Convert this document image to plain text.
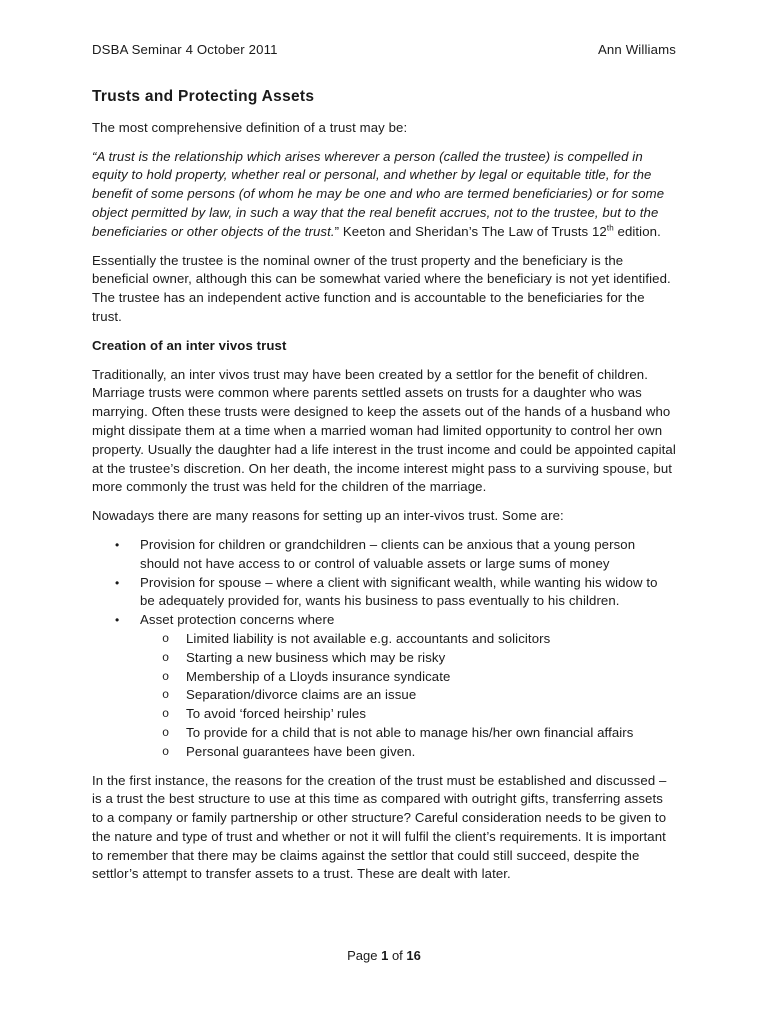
DSBA Seminar 4 October 2011	Ann Williams
Trusts and Protecting Assets

The most comprehensive definition of a trust may be:

“A trust is the relationship which arises wherever a person (called the trustee) is compelled in equity to hold property, whether real or personal, and whether by legal or equitable title, for the benefit of some persons (of whom he may be one and who are termed beneficiaries) or for some object permitted by law, in such a way that the real benefit accrues, not to the trustee, but to the beneficiaries or other objects of the trust.” Keeton and Sheridan’s The Law of Trusts 12th edition.

Essentially the trustee is the nominal owner of the trust property and the beneficiary is the beneficial owner, although this can be somewhat varied where the beneficiary is not yet identified. The trustee has an independent active function and is accountable to the beneficiaries for the trust.

Creation of an inter vivos trust

Traditionally, an inter vivos trust may have been created by a settlor for the benefit of children. Marriage trusts were common where parents settled assets on trusts for a daughter who was marrying. Often these trusts were designed to keep the assets out of the hands of a husband who might dissipate them at a time when a married woman had limited opportunity to control her own property. Usually the daughter had a life interest in the trust income and could be appointed capital at the trustee’s discretion. On her death, the income interest might pass to a surviving spouse, but more commonly the trust was held for the children of the marriage.

Nowadays there are many reasons for setting up an inter-vivos trust. Some are:

• Provision for children or grandchildren – clients can be anxious that a young person should not have access to or control of valuable assets or large sums of money
• Provision for spouse – where a client with significant wealth, while wanting his widow to be adequately provided for, wants his business to pass eventually to his children.
• Asset protection concerns where
o Limited liability is not available e.g. accountants and solicitors
o Starting a new business which may be risky
o Membership of a Lloyds insurance syndicate
o Separation/divorce claims are an issue
o To avoid ‘forced heirship’ rules
o To provide for a child that is not able to manage his/her own financial affairs
o Personal guarantees have been given.

In the first instance, the reasons for the creation of the trust must be established and discussed – is a trust the best structure to use at this time as compared with outright gifts, transferring assets to a company or family partnership or other structure? Careful consideration needs to be given to the nature and type of trust and whether or not it will fulfil the client’s requirements. It is important to remember that there may be claims against the settlor that could still succeed, despite the settlor’s attempt to transfer assets to a trust. These are dealt with later.

Page 1 of 16
